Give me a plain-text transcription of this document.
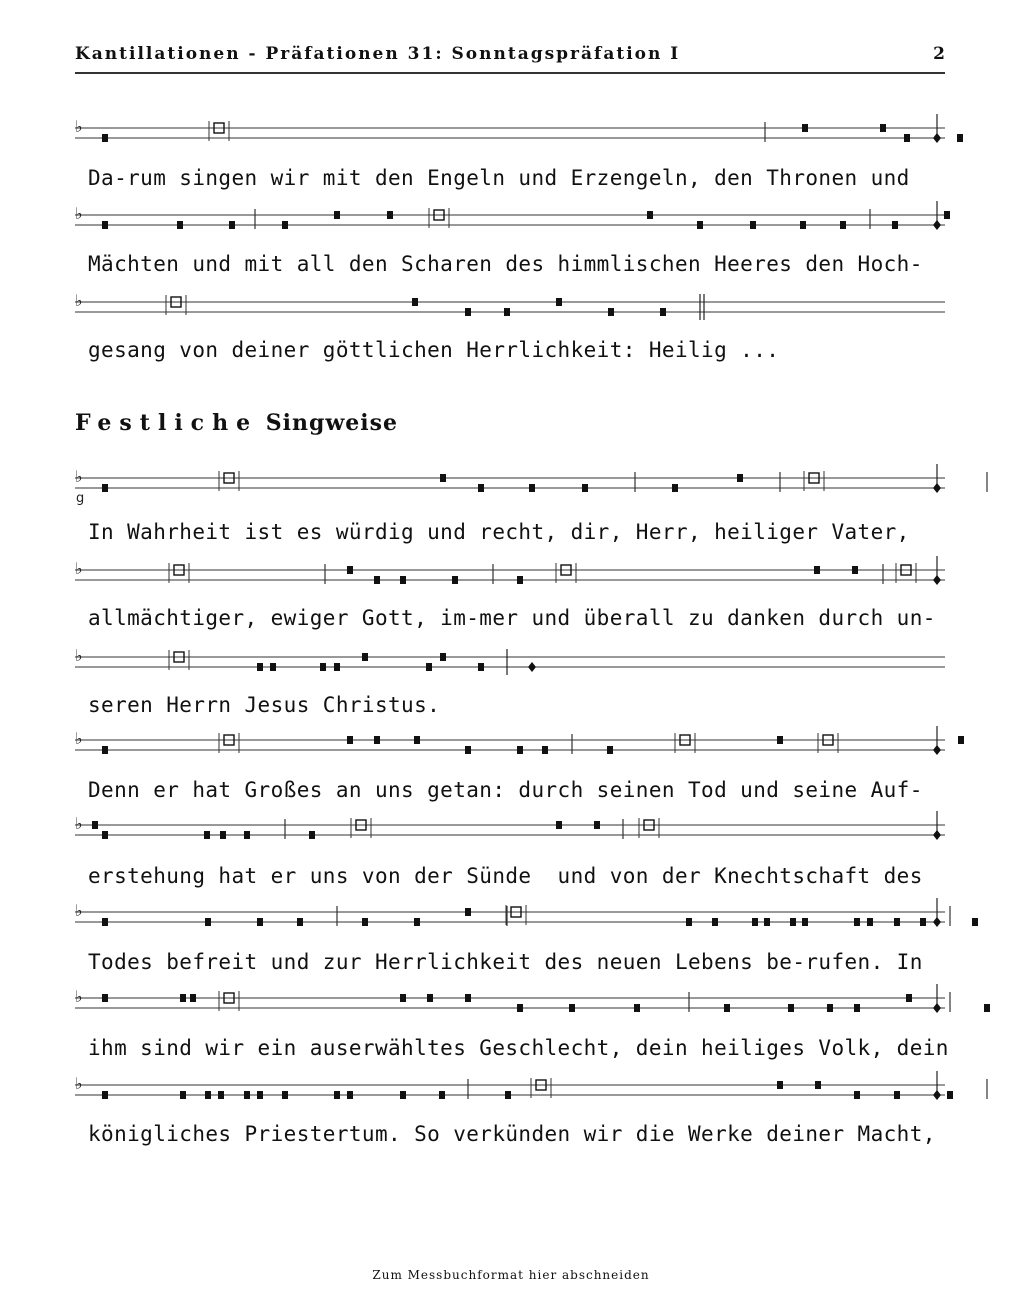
Kantillationen - Präfationen 31: Sonntagspräfation I	2
♭
Da-rum singen wir mit den Engeln und Erzengeln, den Thronen und
♭
Mächten und mit all den Scharen des himmlischen Heeres den Hoch-
♭
gesang von deiner göttlichen Herrlichkeit: Heilig ...
Festliche Singweise
♭
g
In Wahrheit ist es würdig und recht, dir, Herr, heiliger Vater,
♭
allmächtiger, ewiger Gott, im-mer und überall zu danken durch un-
♭
seren Herrn Jesus Christus.
♭
Denn er hat Großes an uns getan: durch seinen Tod und seine Auf-
♭
erstehung hat er uns von der Sünde  und von der Knechtschaft des
♭
Todes befreit und zur Herrlichkeit des neuen Lebens be-rufen. In
♭
ihm sind wir ein auserwähltes Geschlecht, dein heiliges Volk, dein
♭
königliches Priestertum. So verkünden wir die Werke deiner Macht,
Zum Messbuchformat hier abschneiden
